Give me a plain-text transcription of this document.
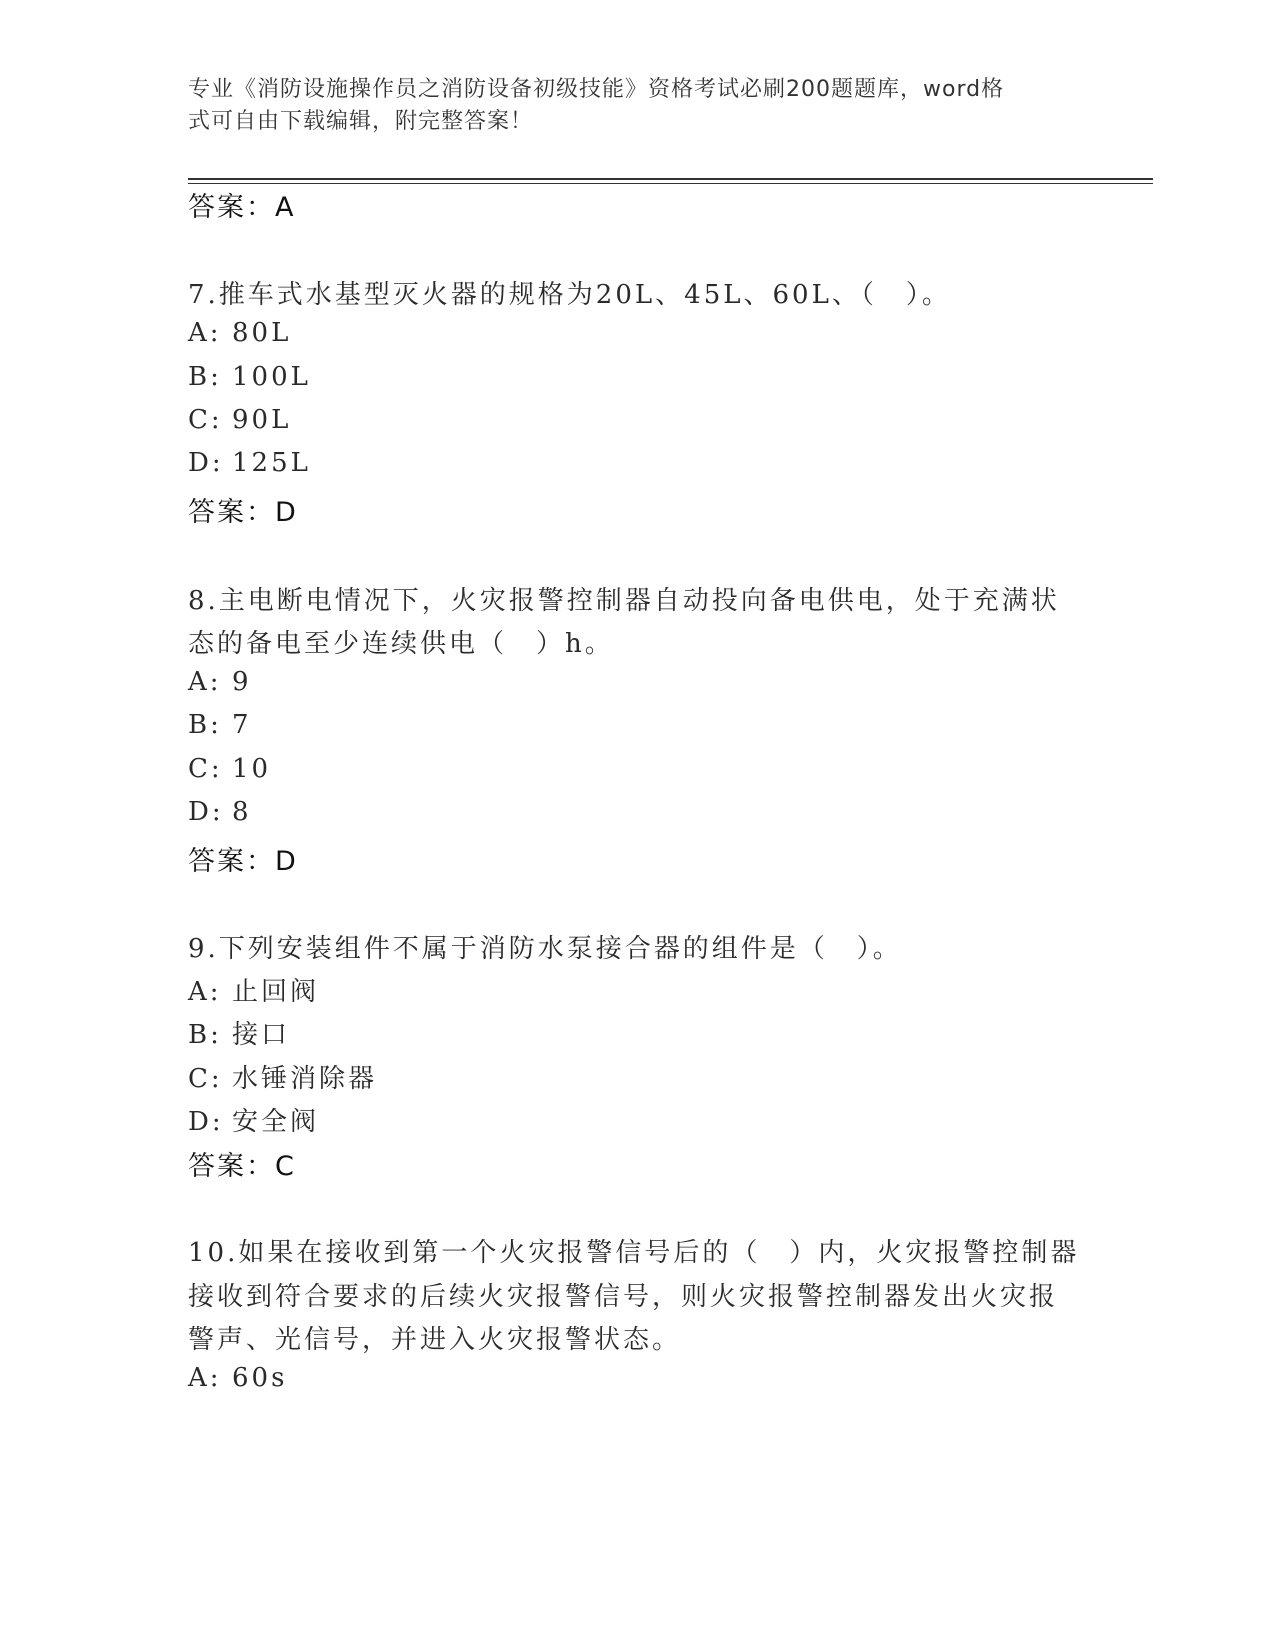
专业《消防设施操作员之消防设备初级技能》资格考试必刷200题题库，word格
式可自由下载编辑，附完整答案！
答案：A
7.推车式水基型灭火器的规格为20L、45L、60L、（　）。
A: 80L
B: 100L
C: 90L
D: 125L
答案：D
8.主电断电情况下，火灾报警控制器自动投向备电供电，处于充满状
态的备电至少连续供电（　）h。
A: 9
B: 7
C: 10
D: 8
答案：D
9.下列安装组件不属于消防水泵接合器的组件是（　）。
A: 止回阀
B: 接口
C: 水锤消除器
D: 安全阀
答案：C
10.如果在接收到第一个火灾报警信号后的（　）内，火灾报警控制器
接收到符合要求的后续火灾报警信号，则火灾报警控制器发出火灾报
警声、光信号，并进入火灾报警状态。
A: 60s
